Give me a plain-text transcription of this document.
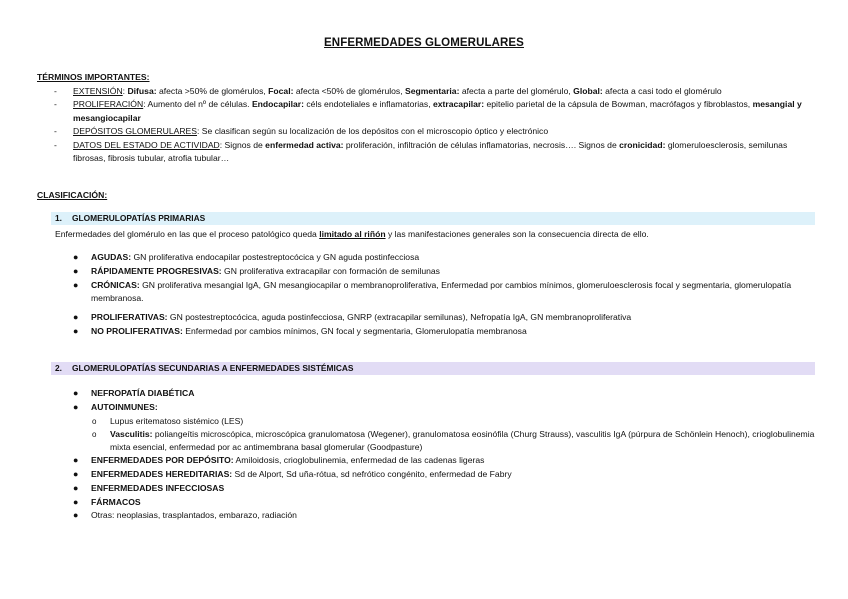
ENFERMEDADES GLOMERULARES
TÉRMINOS IMPORTANTES:
- EXTENSIÓN: Difusa: afecta >50% de glomérulos, Focal: afecta <50% de glomérulos, Segmentaria: afecta a parte del glomérulo, Global: afecta a casi todo el glomérulo
- PROLIFERACIÓN: Aumento del nº de células. Endocapilar: céls endoteliales e inflamatorias, extracapilar: epitelio parietal de la cápsula de Bowman, macrófagos y fibroblastos, mesangial y mesangiocapilar
- DEPÓSITOS GLOMERULARES: Se clasifican según su localización de los depósitos con el microscopio óptico y electrónico
- DATOS DEL ESTADO DE ACTIVIDAD: Signos de enfermedad activa: proliferación, infiltración de células inflamatorias, necrosis…. Signos de cronicidad: glomeruloesclerosis, semilunas fibrosas, fibrosis tubular, atrofia tubular…
CLASIFICACIÓN:
1. GLOMERULOPATÍAS PRIMARIAS
Enfermedades del glomérulo en las que el proceso patológico queda limitado al riñón y las manifestaciones generales son la consecuencia directa de ello.
● AGUDAS: GN proliferativa endocapilar postestreptocócica y GN aguda postinfecciosa
● RÁPIDAMENTE PROGRESIVAS: GN proliferativa extracapilar con formación de semilunas
● CRÓNICAS: GN proliferativa mesangial IgA, GN mesangiocapilar o membranoproliferativa, Enfermedad por cambios mínimos, glomeruloesclerosis focal y segmentaria, glomerulopatía membranosa.
● PROLIFERATIVAS: GN postestreptocócica, aguda postinfecciosa, GNRP (extracapilar semilunas), Nefropatía IgA, GN membranoproliferativa
● NO PROLIFERATIVAS: Enfermedad por cambios mínimos, GN focal y segmentaria, Glomerulopatía membranosa
2. GLOMERULOPATÍAS SECUNDARIAS A ENFERMEDADES SISTÉMICAS
● NEFROPATÍA DIABÉTICA
● AUTOINMUNES:
o Lupus eritematoso sistémico (LES)
o Vasculitis: poliangeítis microscópica, microscópica granulomatosa (Wegener), granulomatosa eosinófila (Churg Strauss), vasculitis IgA (púrpura de Schönlein Henoch), crioglobulinemia mixta esencial, enfermedad por ac antimembrana basal glomerular (Goodpasture)
● ENFERMEDADES POR DEPÓSITO: Amiloidosis, crioglobulinemia, enfermedad de las cadenas ligeras
● ENFERMEDADES HEREDITARIAS: Sd de Alport, Sd uña-rótua, sd nefrótico congénito, enfermedad de Fabry
● ENFERMEDADES INFECCIOSAS
● FÁRMACOS
● Otras: neoplasias, trasplantados, embarazo, radiación
